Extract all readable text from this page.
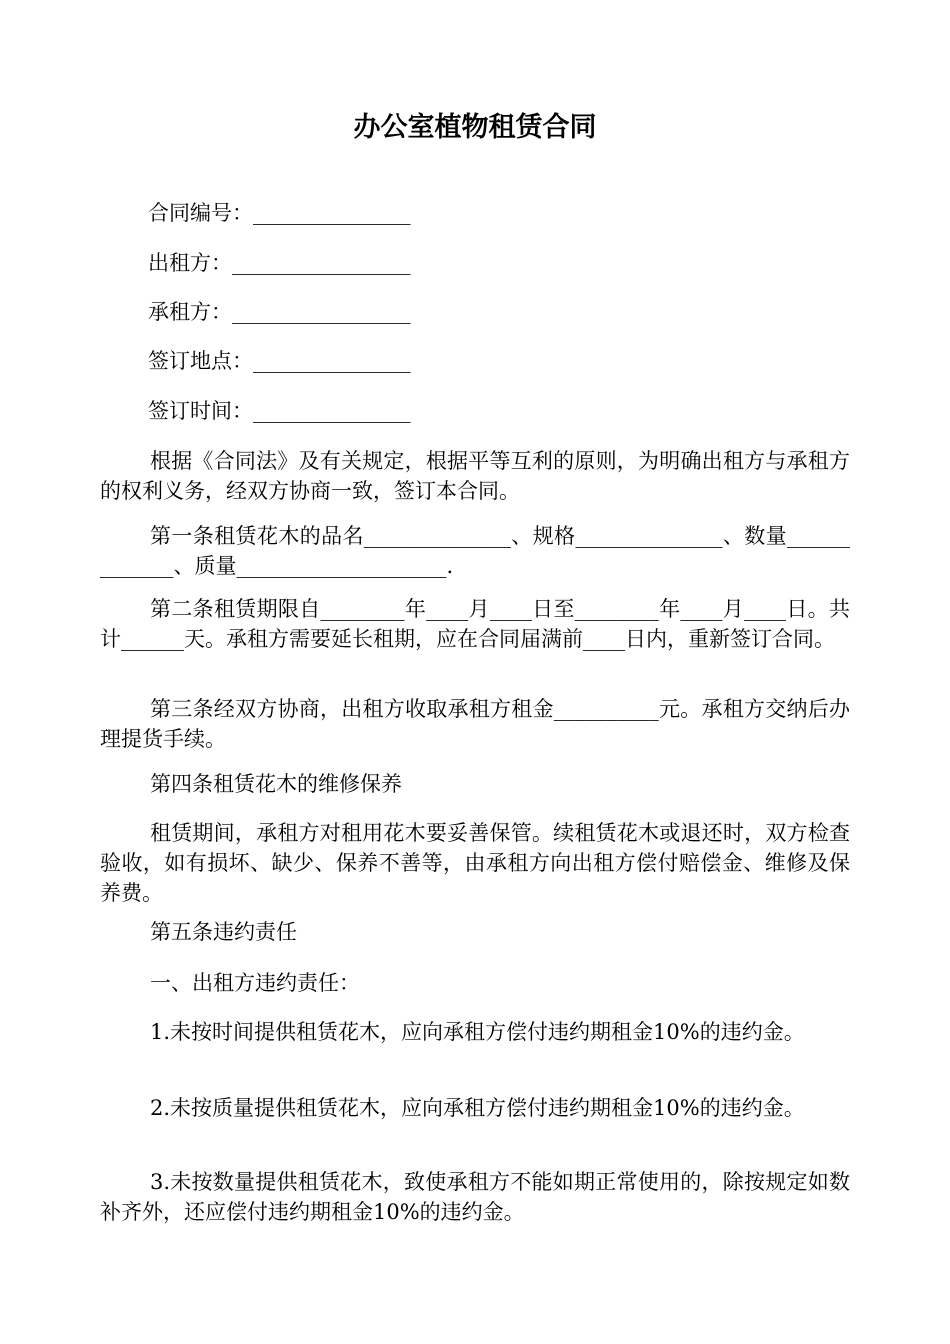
办公室植物租赁合同
合同编号：_______________
出租方：_________________
承租方：_________________
签订地点：_______________
签订时间：_______________

根据《合同法》及有关规定，根据平等互利的原则，为明确出租方与承租方的权利义务，经双方协商一致，签订本合同。

第一条租赁花木的品名______________、规格______________、数量_____________、质量____________________.

第二条租赁期限自________年____月____日至________年____月____日。共计______天。承租方需要延长租期，应在合同届满前____日内，重新签订合同。

第三条经双方协商，出租方收取承租方租金__________元。承租方交纳后办理提货手续。

第四条租赁花木的维修保养

租赁期间，承租方对租用花木要妥善保管。续租赁花木或退还时，双方检查验收，如有损坏、缺少、保养不善等，由承租方向出租方偿付赔偿金、维修及保养费。

第五条违约责任

一、出租方违约责任：

1.未按时间提供租赁花木，应向承租方偿付违约期租金10%的违约金。

2.未按质量提供租赁花木，应向承租方偿付违约期租金10%的违约金。

3.未按数量提供租赁花木，致使承租方不能如期正常使用的，除按规定如数补齐外，还应偿付违约期租金10%的违约金。
